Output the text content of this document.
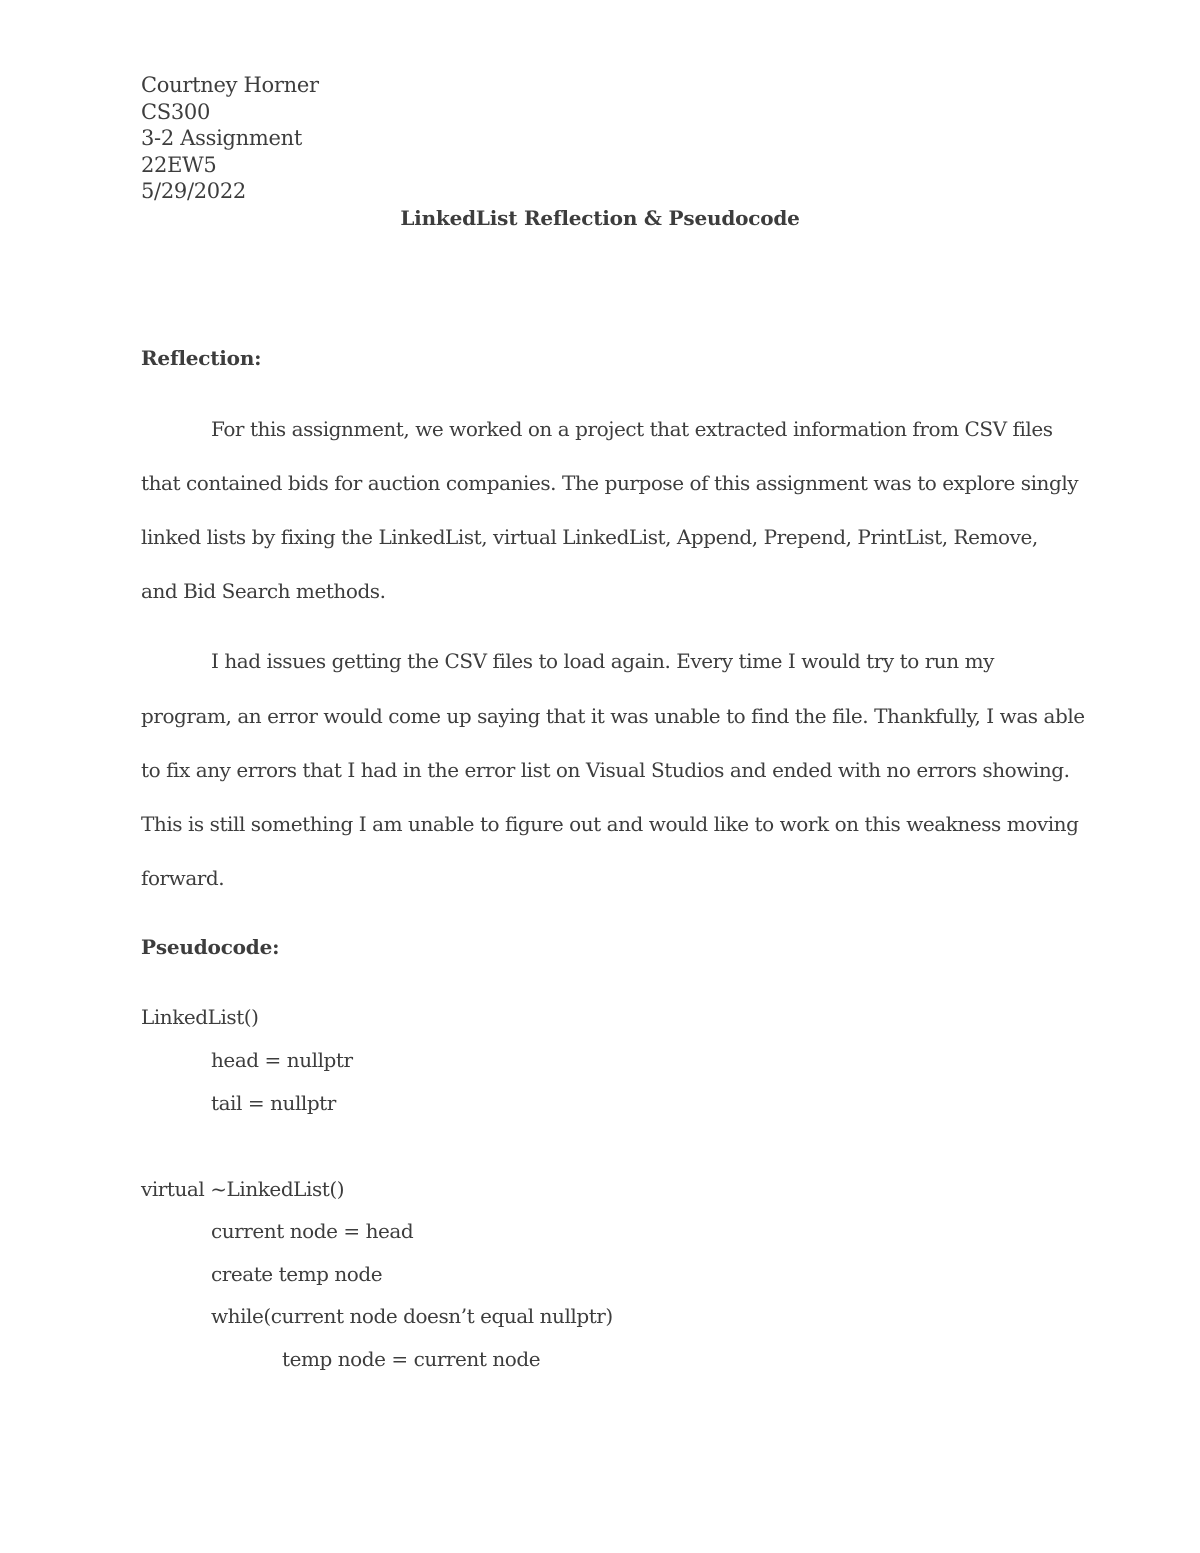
Courtney Horner
CS300
3-2 Assignment
22EW5
5/29/2022
LinkedList Reflection & Pseudocode
Reflection:
For this assignment, we worked on a project that extracted information from CSV files
that contained bids for auction companies. The purpose of this assignment was to explore singly
linked lists by fixing the LinkedList, virtual LinkedList, Append, Prepend, PrintList, Remove,
and Bid Search methods.
I had issues getting the CSV files to load again. Every time I would try to run my
program, an error would come up saying that it was unable to find the file. Thankfully, I was able
to fix any errors that I had in the error list on Visual Studios and ended with no errors showing.
This is still something I am unable to figure out and would like to work on this weakness moving
forward.
Pseudocode:
LinkedList()
head = nullptr
tail = nullptr
virtual ~LinkedList()
current node = head
create temp node
while(current node doesn’t equal nullptr)
temp node = current node
